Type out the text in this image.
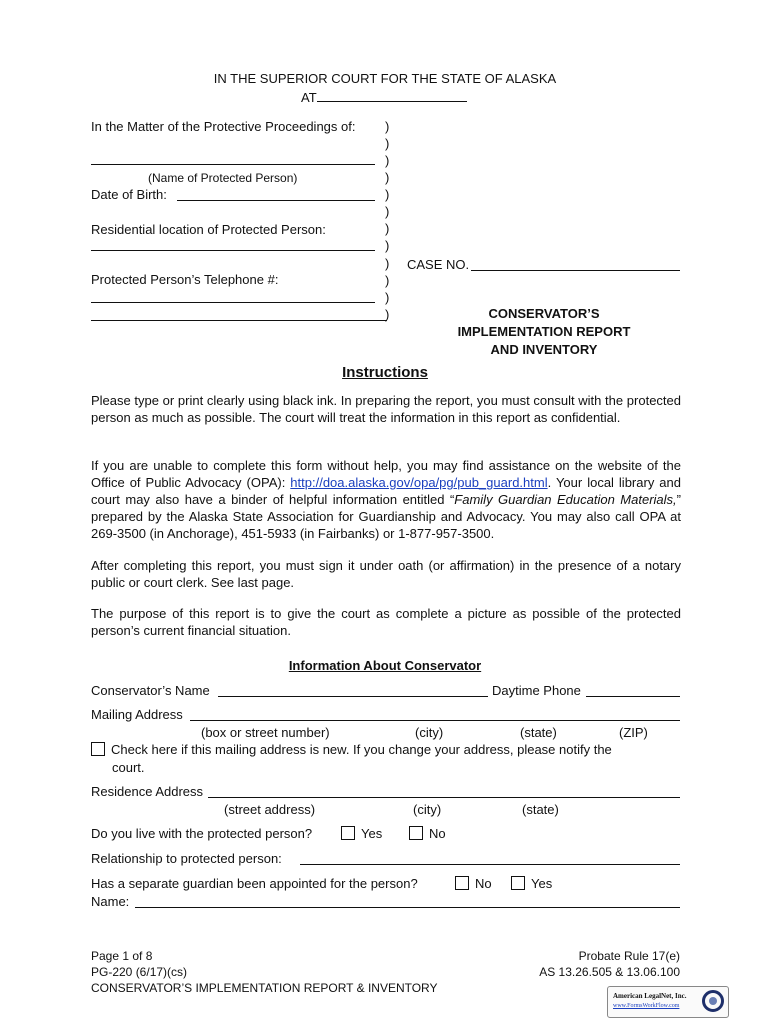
IN THE SUPERIOR COURT FOR THE STATE OF ALASKA
AT
In the Matter of the Protective Proceedings of:
(Name of Protected Person)
Date of Birth:
Residential location of Protected Person:
Protected Person’s Telephone #:
)
)
)
)
)
)
)
)
)
)
)
)
CASE NO.
CONSERVATOR’S
IMPLEMENTATION REPORT
AND INVENTORY
Instructions
Please type or print clearly using black ink. In preparing the report, you must consult with the protected person as much as possible. The court will treat the information in this report as confidential.
If you are unable to complete this form without help, you may find assistance on the website of the Office of Public Advocacy (OPA): http://doa.alaska.gov/opa/pg/pub_guard.html. Your local library and court may also have a binder of helpful information entitled “Family Guardian Education Materials,” prepared by the Alaska State Association for Guardianship and Advocacy. You may also call OPA at 269-3500 (in Anchorage), 451-5933 (in Fairbanks) or 1-877-957-3500.
After completing this report, you must sign it under oath (or affirmation) in the presence of a notary public or court clerk. See last page.
The purpose of this report is to give the court as complete a picture as possible of the protected person’s current financial situation.
Information About Conservator
Conservator’s Name	Daytime Phone
Mailing Address
(box or street number)	(city)	(state)	(ZIP)
Check here if this mailing address is new. If you change your address, please notify the
court.
Residence Address
(street address)	(city)	(state)
Do you live with the protected person?	Yes	No
Relationship to protected person:
Has a separate guardian been appointed for the person?	No	Yes
Name:
Page 1 of 8
PG-220 (6/17)(cs)
CONSERVATOR’S IMPLEMENTATION REPORT & INVENTORY
Probate Rule 17(e)
AS 13.26.505 & 13.06.100
American LegalNet, Inc.
www.FormsWorkFlow.com
